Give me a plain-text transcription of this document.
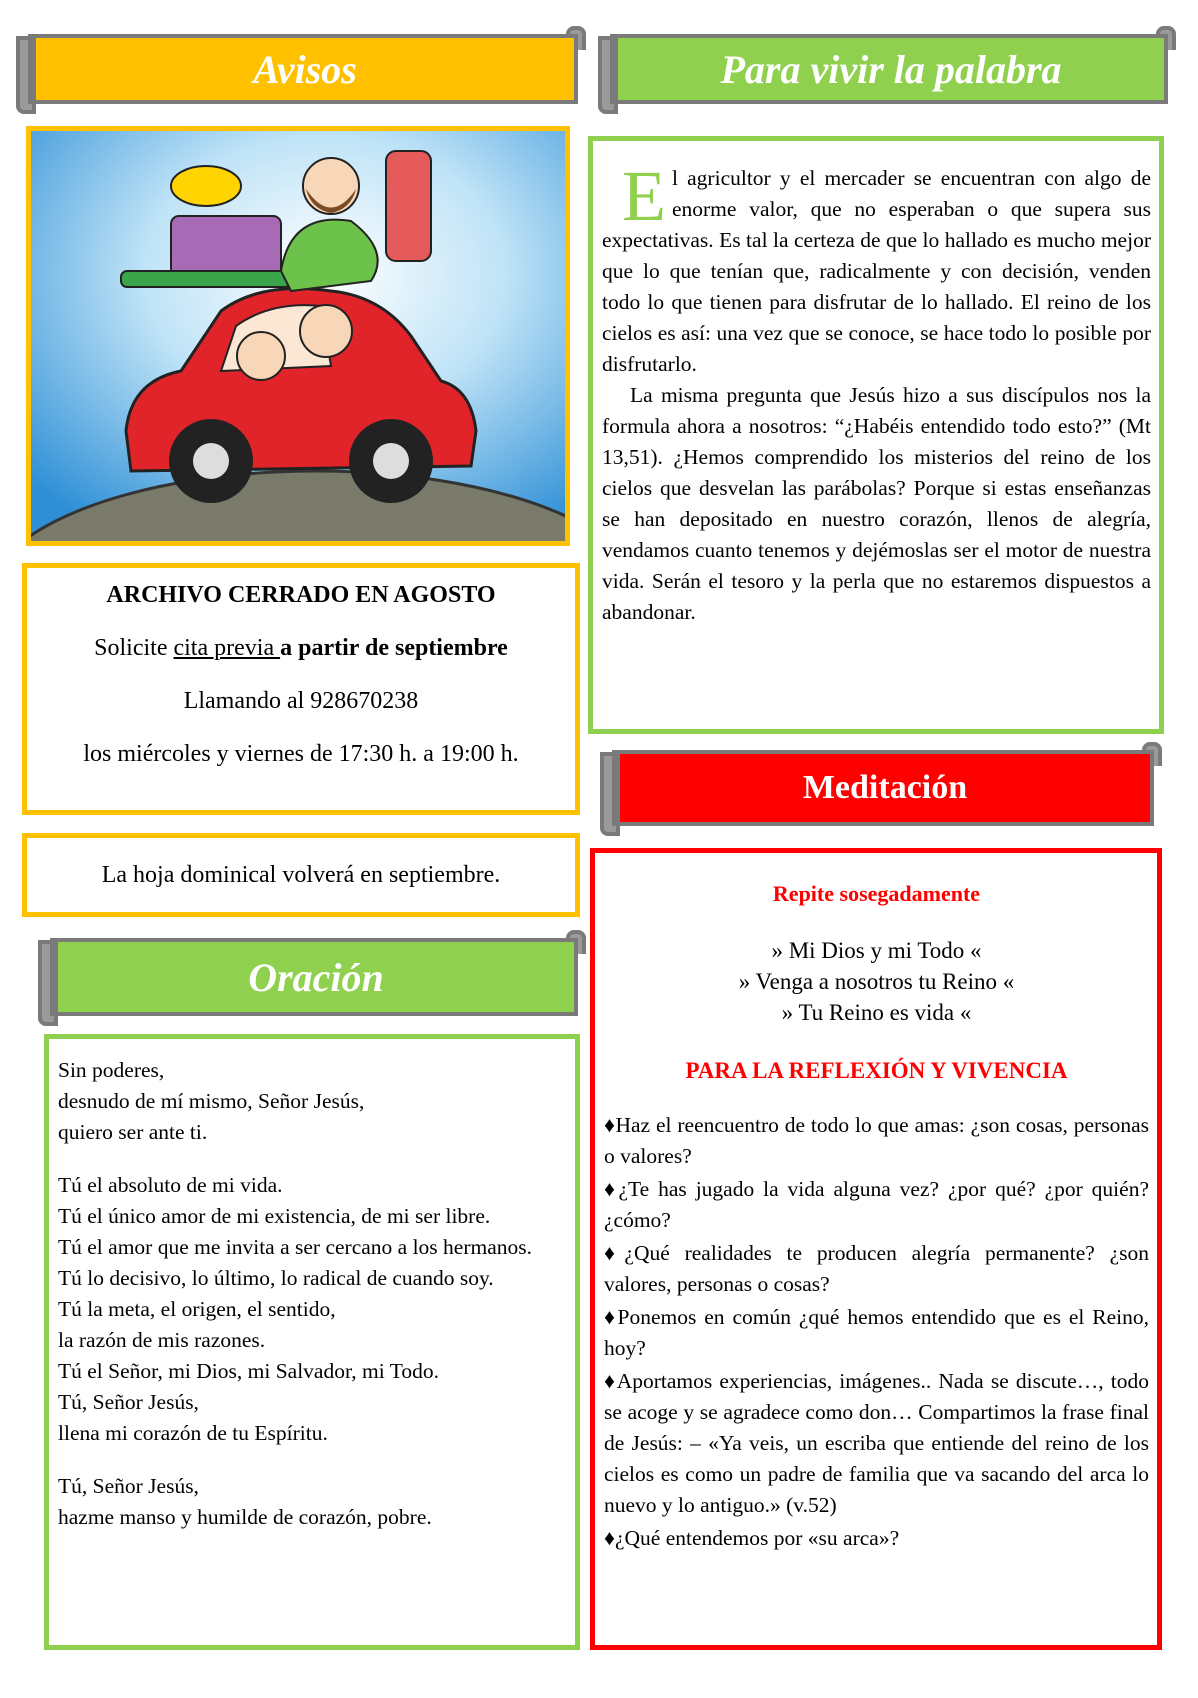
Avisos	Para vivir la palabra
ARCHIVO CERRADO EN AGOSTO
Solicite cita previa a partir de septiembre
Llamando al 928670238
los miércoles y viernes de 17:30 h. a 19:00 h.
La hoja dominical volverá en septiembre.
Oración
Sin poderes,
desnudo de mí mismo, Señor Jesús,
quiero ser ante ti.
Tú el absoluto de mi vida.
Tú el único amor de mi existencia, de mi ser libre.
Tú el amor que me invita a ser cercano a los hermanos.
Tú lo decisivo, lo último, lo radical de cuando soy.
Tú la meta, el origen, el sentido,
la razón de mis razones.
Tú el Señor, mi Dios, mi Salvador, mi Todo.
Tú, Señor Jesús,
llena mi corazón de tu Espíritu.
Tú, Señor Jesús,
hazme manso y humilde de corazón, pobre.
El agricultor y el mercader se encuentran con algo de enorme valor, que no esperaban o que supera sus expectativas. Es tal la certeza de que lo hallado es mucho mejor que lo que tenían que, radicalmente y con decisión, venden todo lo que tienen para disfrutar de lo hallado. El reino de los cielos es así: una vez que se conoce, se hace todo lo posible por disfrutarlo.
La misma pregunta que Jesús hizo a sus discípulos nos la formula ahora a nosotros: “¿Habéis entendido todo esto?” (Mt 13,51). ¿Hemos comprendido los misterios del reino de los cielos que desvelan las parábolas? Porque si estas enseñanzas se han depositado en nuestro corazón, llenos de alegría, vendamos cuanto tenemos y dejémoslas ser el motor de nuestra vida. Serán el tesoro y la perla que no estaremos dispuestos a abandonar.
Meditación
Repite sosegadamente
» Mi Dios y mi Todo «
» Venga a nosotros tu Reino «
» Tu Reino es vida «
PARA LA REFLEXIÓN Y VIVENCIA
♦Haz el reencuentro de todo lo que amas: ¿son cosas, personas o valores?
♦¿Te has jugado la vida alguna vez? ¿por qué? ¿por quién? ¿cómo?
♦¿Qué realidades te producen alegría permanente? ¿son valores, personas o cosas?
♦Ponemos en común ¿qué hemos entendido que es el Reino, hoy?
♦Aportamos experiencias, imágenes.. Nada se discute…, todo se acoge y se agradece como don… Compartimos la frase final de Jesús: – «Ya veis, un escriba que entiende del reino de los cielos es como un padre de familia que va sacando del arca lo nuevo y lo antiguo.» (v.52)
♦¿Qué entendemos por «su arca»?
